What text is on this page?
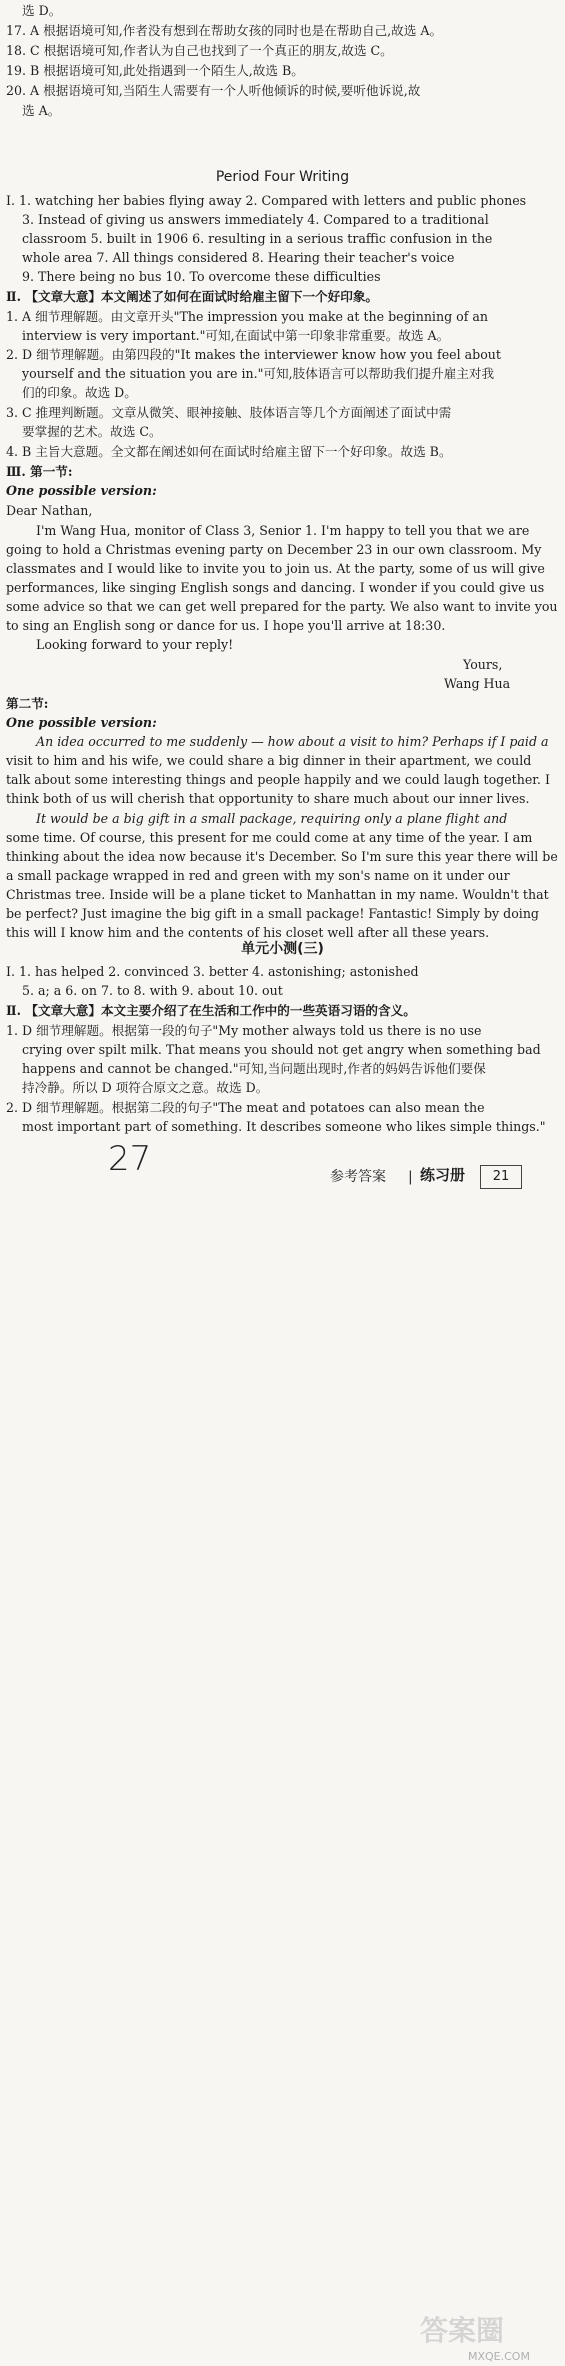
选 D。
17. A 根据语境可知,作者没有想到在帮助女孩的同时也是在帮助自己,故选 A。
18. C 根据语境可知,作者认为自己也找到了一个真正的朋友,故选 C。
19. B 根据语境可知,此处指遇到一个陌生人,故选 B。
20. A 根据语境可知,当陌生人需要有一个人听他倾诉的时候,要听他诉说,故
选 A。
Period Four Writing
Ⅰ. 1. watching her babies flying away 2. Compared with letters and public phones
3. Instead of giving us answers immediately 4. Compared to a traditional
classroom 5. built in 1906 6. resulting in a serious traffic confusion in the
whole area 7. All things considered 8. Hearing their teacher's voice
9. There being no bus 10. To overcome these difficulties
Ⅱ. 【文章大意】本文阐述了如何在面试时给雇主留下一个好印象。
1. A 细节理解题。由文章开头"The impression you make at the beginning of an
interview is very important."可知,在面试中第一印象非常重要。故选 A。
2. D 细节理解题。由第四段的"It makes the interviewer know how you feel about
yourself and the situation you are in."可知,肢体语言可以帮助我们提升雇主对我
们的印象。故选 D。
3. C 推理判断题。文章从微笑、眼神接触、肢体语言等几个方面阐述了面试中需
要掌握的艺术。故选 C。
4. B 主旨大意题。全文都在阐述如何在面试时给雇主留下一个好印象。故选 B。
Ⅲ. 第一节:
One possible version:
Dear Nathan,
I'm Wang Hua, monitor of Class 3, Senior 1. I'm happy to tell you that we are
going to hold a Christmas evening party on December 23 in our own classroom. My
classmates and I would like to invite you to join us. At the party, some of us will give
performances, like singing English songs and dancing. I wonder if you could give us
some advice so that we can get well prepared for the party. We also want to invite you
to sing an English song or dance for us. I hope you'll arrive at 18:30.
Looking forward to your reply!
Yours,
Wang Hua
第二节:
One possible version:
An idea occurred to me suddenly — how about a visit to him? Perhaps if I paid a
visit to him and his wife, we could share a big dinner in their apartment, we could
talk about some interesting things and people happily and we could laugh together. I
think both of us will cherish that opportunity to share much about our inner lives.
It would be a big gift in a small package, requiring only a plane flight and
some time. Of course, this present for me could come at any time of the year. I am
thinking about the idea now because it's December. So I'm sure this year there will be
a small package wrapped in red and green with my son's name on it under our
Christmas tree. Inside will be a plane ticket to Manhattan in my name. Wouldn't that
be perfect? Just imagine the big gift in a small package! Fantastic! Simply by doing
this will I know him and the contents of his closet well after all these years.
单元小测(三)
Ⅰ. 1. has helped 2. convinced 3. better 4. astonishing; astonished
5. a; a 6. on 7. to 8. with 9. about 10. out
Ⅱ. 【文章大意】本文主要介绍了在生活和工作中的一些英语习语的含义。
1. D 细节理解题。根据第一段的句子"My mother always told us there is no use
crying over spilt milk. That means you should not get angry when something bad
happens and cannot be changed."可知,当问题出现时,作者的妈妈告诉他们要保
持冷静。所以 D 项符合原文之意。故选 D。
2. D 细节理解题。根据第二段的句子"The meat and potatoes can also mean the
most important part of something. It describes someone who likes simple things."
答案圈
MXQE.COM
27	参考答案 | 练习册	21
